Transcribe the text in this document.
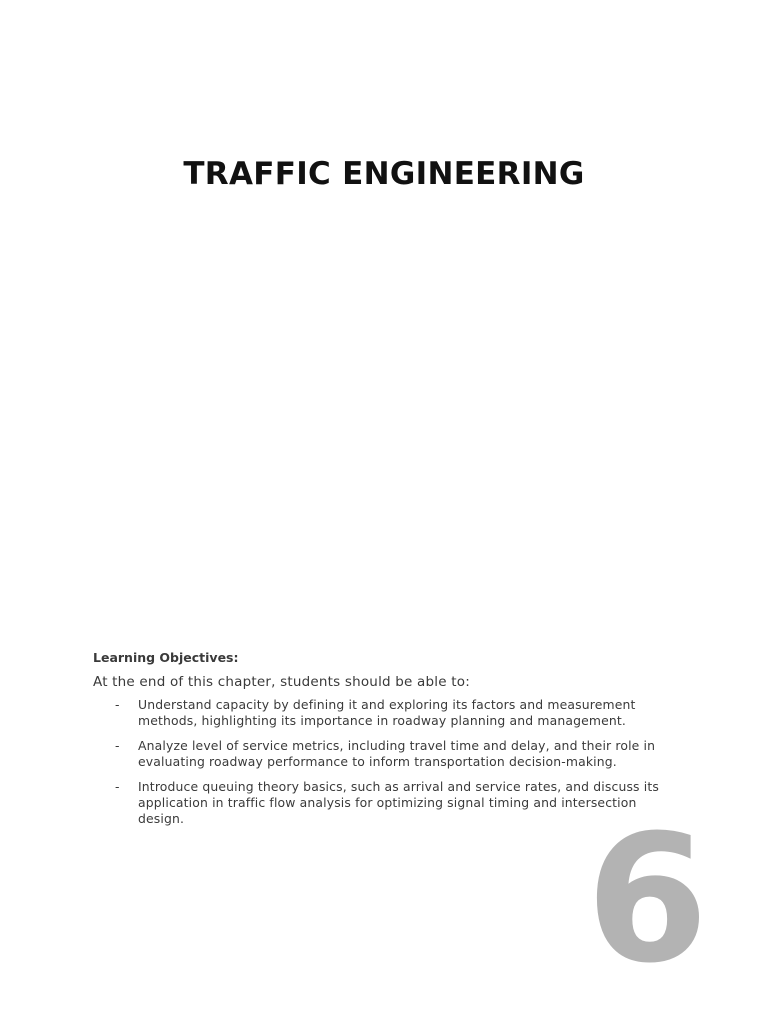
TRAFFIC ENGINEERING
6

Learning Objectives:

At the end of this chapter, students should be able to:

-	Understand capacity by defining it and exploring its factors and measurement methods, highlighting its importance in roadway planning and management.
-	Analyze level of service metrics, including travel time and delay, and their role in evaluating roadway performance to inform transportation decision-making.
-	Introduce queuing theory basics, such as arrival and service rates, and discuss its application in traffic flow analysis for optimizing signal timing and intersection design.
